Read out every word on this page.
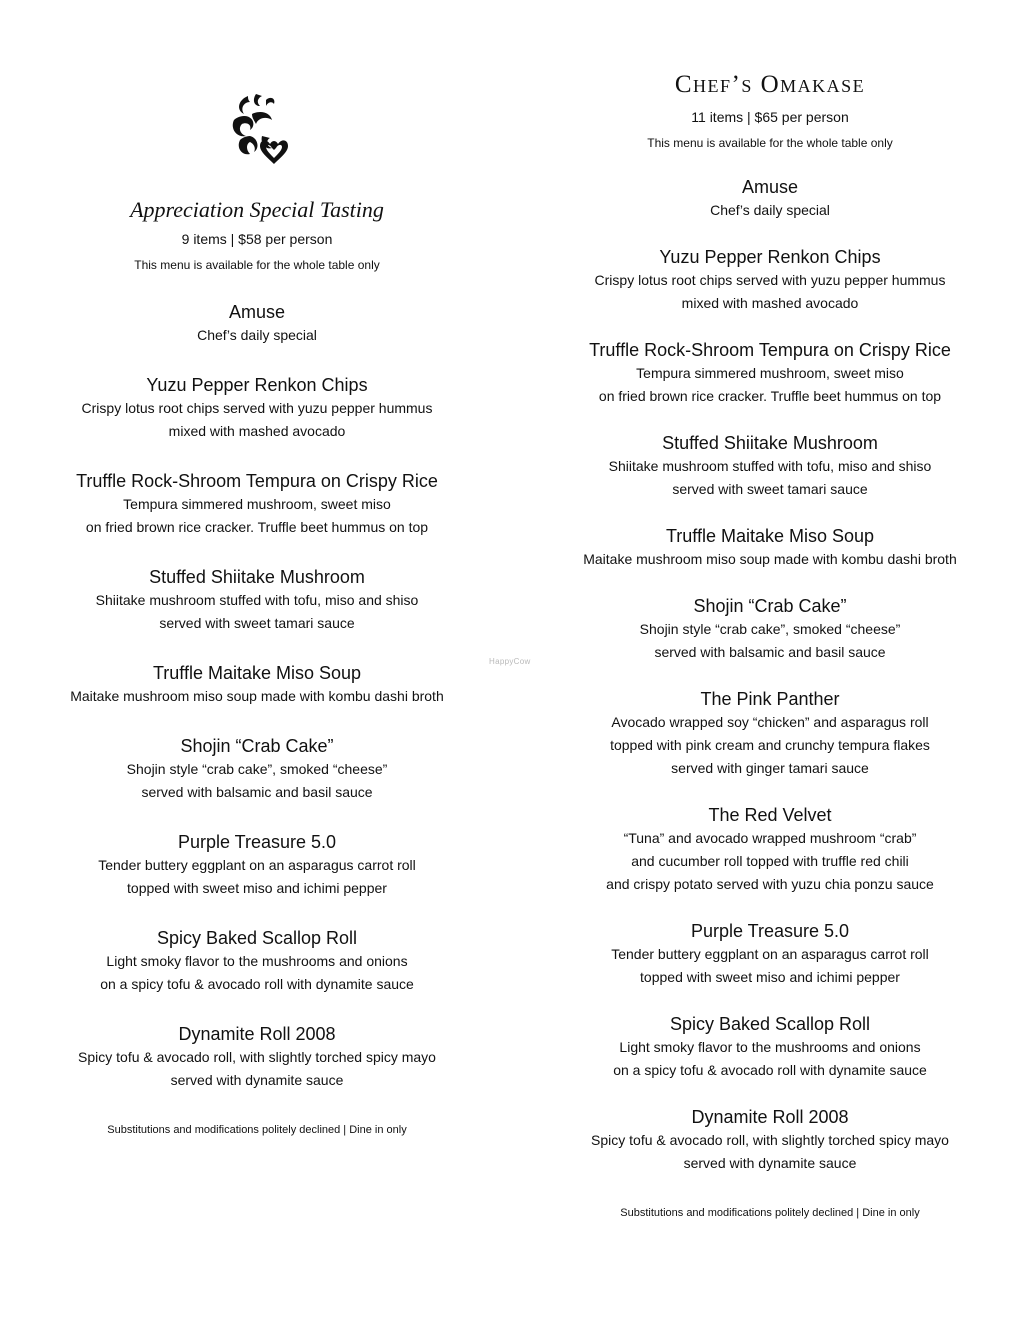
Appreciation Special Tasting
9 items | $58 per person
This menu is available for the whole table only
Amuse
Chef’s daily special
Yuzu Pepper Renkon Chips
Crispy lotus root chips served with yuzu pepper hummus
mixed with mashed avocado
Truffle Rock-Shroom Tempura on Crispy Rice
Tempura simmered mushroom, sweet miso
on fried brown rice cracker. Truffle beet hummus on top
Stuffed Shiitake Mushroom
Shiitake mushroom stuffed with tofu, miso and shiso
served with sweet tamari sauce
Truffle Maitake Miso Soup
Maitake mushroom miso soup made with kombu dashi broth
Shojin “Crab Cake”
Shojin style “crab cake”, smoked “cheese”
served with balsamic and basil sauce
Purple Treasure 5.0
Tender buttery eggplant on an asparagus carrot roll
topped with sweet miso and ichimi pepper
Spicy Baked Scallop Roll
Light smoky flavor to the mushrooms and onions
on a spicy tofu & avocado roll with dynamite sauce
Dynamite Roll 2008
Spicy tofu & avocado roll, with slightly torched spicy mayo
served with dynamite sauce
Substitutions and modifications politely declined | Dine in only
Chef’s Omakase
11 items | $65 per person
This menu is available for the whole table only
Amuse
Chef’s daily special
Yuzu Pepper Renkon Chips
Crispy lotus root chips served with yuzu pepper hummus
mixed with mashed avocado
Truffle Rock-Shroom Tempura on Crispy Rice
Tempura simmered mushroom, sweet miso
on fried brown rice cracker. Truffle beet hummus on top
Stuffed Shiitake Mushroom
Shiitake mushroom stuffed with tofu, miso and shiso
served with sweet tamari sauce
Truffle Maitake Miso Soup
Maitake mushroom miso soup made with kombu dashi broth
Shojin “Crab Cake”
Shojin style “crab cake”, smoked “cheese”
served with balsamic and basil sauce
The Pink Panther
Avocado wrapped soy “chicken” and asparagus roll
topped with pink cream and crunchy tempura flakes
served with ginger tamari sauce
The Red Velvet
“Tuna” and avocado wrapped mushroom “crab”
and cucumber roll topped with truffle red chili
and crispy potato served with yuzu chia ponzu sauce
Purple Treasure 5.0
Tender buttery eggplant on an asparagus carrot roll
topped with sweet miso and ichimi pepper
Spicy Baked Scallop Roll
Light smoky flavor to the mushrooms and onions
on a spicy tofu & avocado roll with dynamite sauce
Dynamite Roll 2008
Spicy tofu & avocado roll, with slightly torched spicy mayo
served with dynamite sauce
Substitutions and modifications politely declined | Dine in only
HappyCow
